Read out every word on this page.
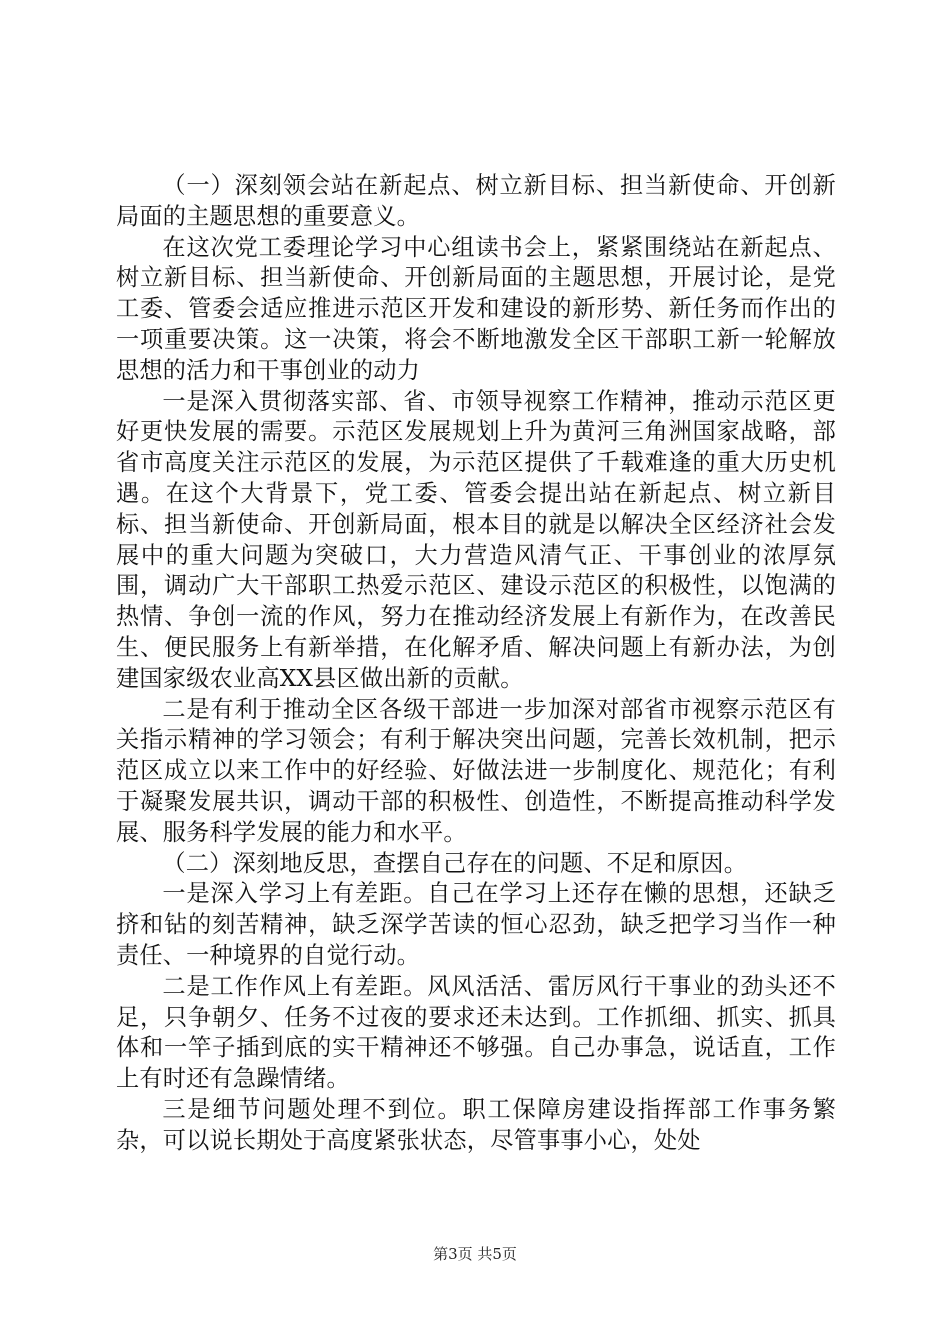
（一）深刻领会站在新起点、树立新目标、担当新使命、开创新局面的主题思想的重要意义。

在这次党工委理论学习中心组读书会上，紧紧围绕站在新起点、树立新目标、担当新使命、开创新局面的主题思想，开展讨论，是党工委、管委会适应推进示范区开发和建设的新形势、新任务而作出的一项重要决策。这一决策，将会不断地激发全区干部职工新一轮解放思想的活力和干事创业的动力

一是深入贯彻落实部、省、市领导视察工作精神，推动示范区更好更快发展的需要。示范区发展规划上升为黄河三角洲国家战略，部省市高度关注示范区的发展，为示范区提供了千载难逢的重大历史机遇。在这个大背景下，党工委、管委会提出站在新起点、树立新目标、担当新使命、开创新局面，根本目的就是以解决全区经济社会发展中的重大问题为突破口，大力营造风清气正、干事创业的浓厚氛围，调动广大干部职工热爱示范区、建设示范区的积极性，以饱满的热情、争创一流的作风，努力在推动经济发展上有新作为，在改善民生、便民服务上有新举措，在化解矛盾、解决问题上有新办法，为创建国家级农业高XX县区做出新的贡献。

二是有利于推动全区各级干部进一步加深对部省市视察示范区有关指示精神的学习领会；有利于解决突出问题，完善长效机制，把示范区成立以来工作中的好经验、好做法进一步制度化、规范化；有利于凝聚发展共识，调动干部的积极性、创造性，不断提高推动科学发展、服务科学发展的能力和水平。

（二）深刻地反思，查摆自己存在的问题、不足和原因。

一是深入学习上有差距。自己在学习上还存在懒的思想，还缺乏挤和钻的刻苦精神，缺乏深学苦读的恒心忍劲，缺乏把学习当作一种责任、一种境界的自觉行动。

二是工作作风上有差距。风风活活、雷厉风行干事业的劲头还不足，只争朝夕、任务不过夜的要求还未达到。工作抓细、抓实、抓具体和一竿子插到底的实干精神还不够强。自己办事急，说话直，工作上有时还有急躁情绪。

三是细节问题处理不到位。职工保障房建设指挥部工作事务繁杂，可以说长期处于高度紧张状态，尽管事事小心，处处

第3页 共5页
